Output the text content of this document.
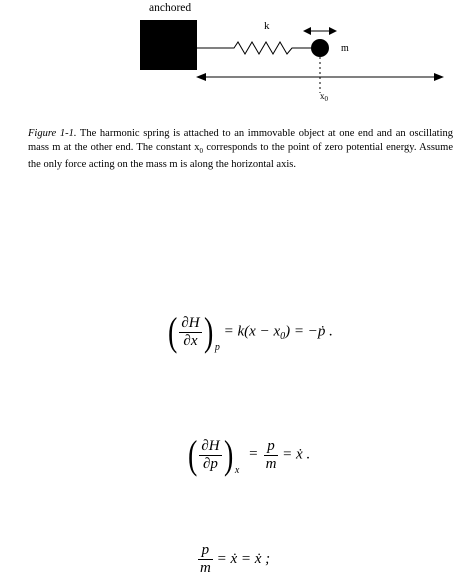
anchored
k
m
$x_0$
Figure 1-1. The harmonic spring is attached to an immovable object at one end and an oscillating mass m at the other end. The constant $x_0$ corresponds to the point of zero potential energy. Assume the only force acting on the mass m is along the horizontal axis.
( $\frac{\partial H}{\partial x}$ ) $_p = k(x - x_0)$ = −ṗ .
( $\frac{\partial H}{\partial p}$ ) $_x = \frac{p}{m}$ = ẋ .
$\frac{p}{m}$ = ẋ = ẋ ;
